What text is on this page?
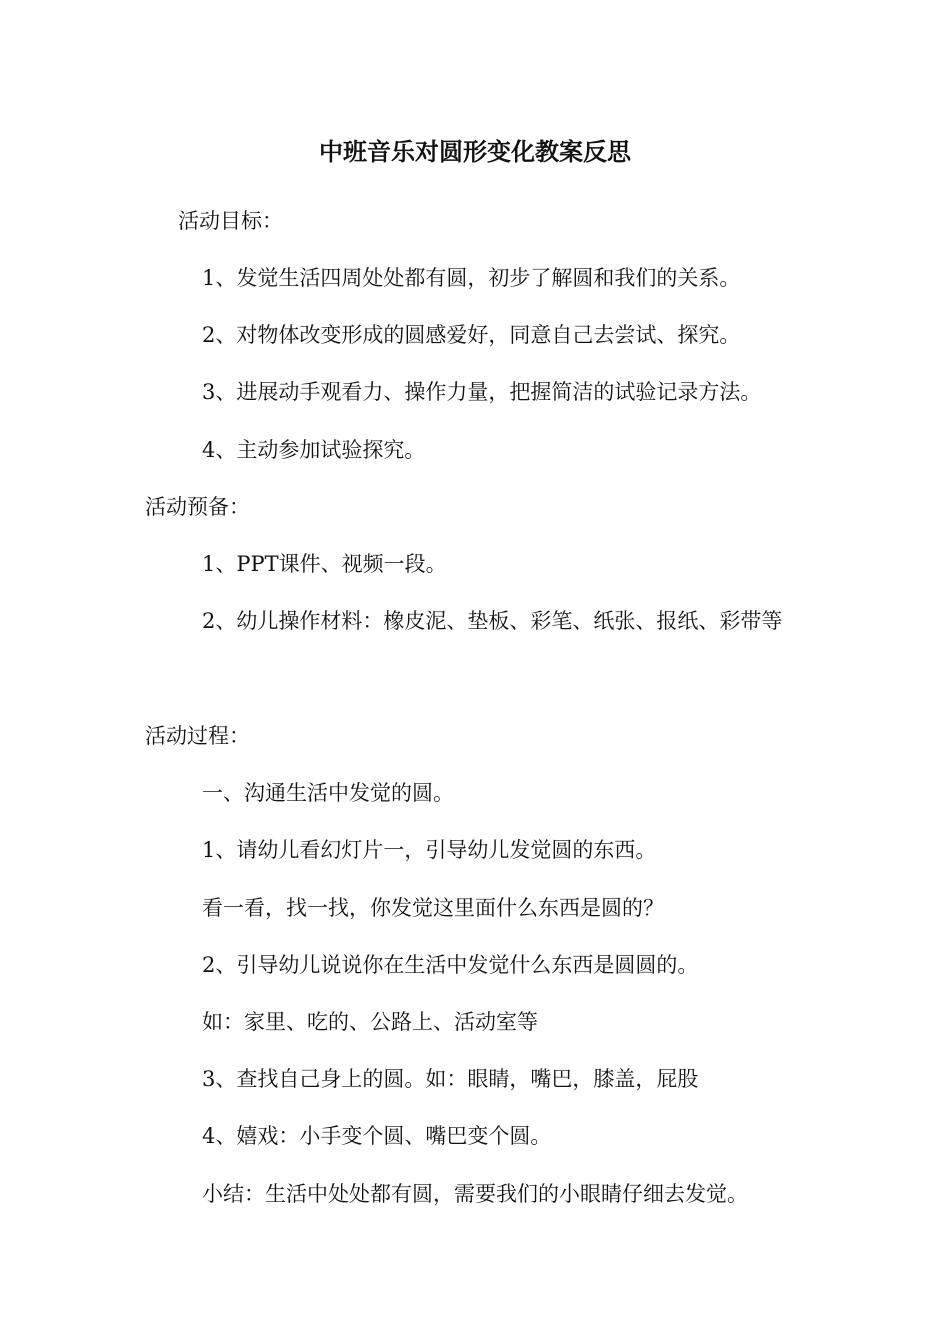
中班音乐对圆形变化教案反思
活动目标：
1、发觉生活四周处处都有圆，初步了解圆和我们的关系。
2、对物体改变形成的圆感爱好，同意自己去尝试、探究。
3、进展动手观看力、操作力量，把握简洁的试验记录方法。
4、主动参加试验探究。
活动预备：
1、PPT课件、视频一段。
2、幼儿操作材料：橡皮泥、垫板、彩笔、纸张、报纸、彩带等
活动过程：
一、沟通生活中发觉的圆。
1、请幼儿看幻灯片一，引导幼儿发觉圆的东西。
看一看，找一找，你发觉这里面什么东西是圆的？
2、引导幼儿说说你在生活中发觉什么东西是圆圆的。
如：家里、吃的、公路上、活动室等
3、查找自己身上的圆。如：眼睛，嘴巴，膝盖，屁股
4、嬉戏：小手变个圆、嘴巴变个圆。
小结：生活中处处都有圆，需要我们的小眼睛仔细去发觉。
